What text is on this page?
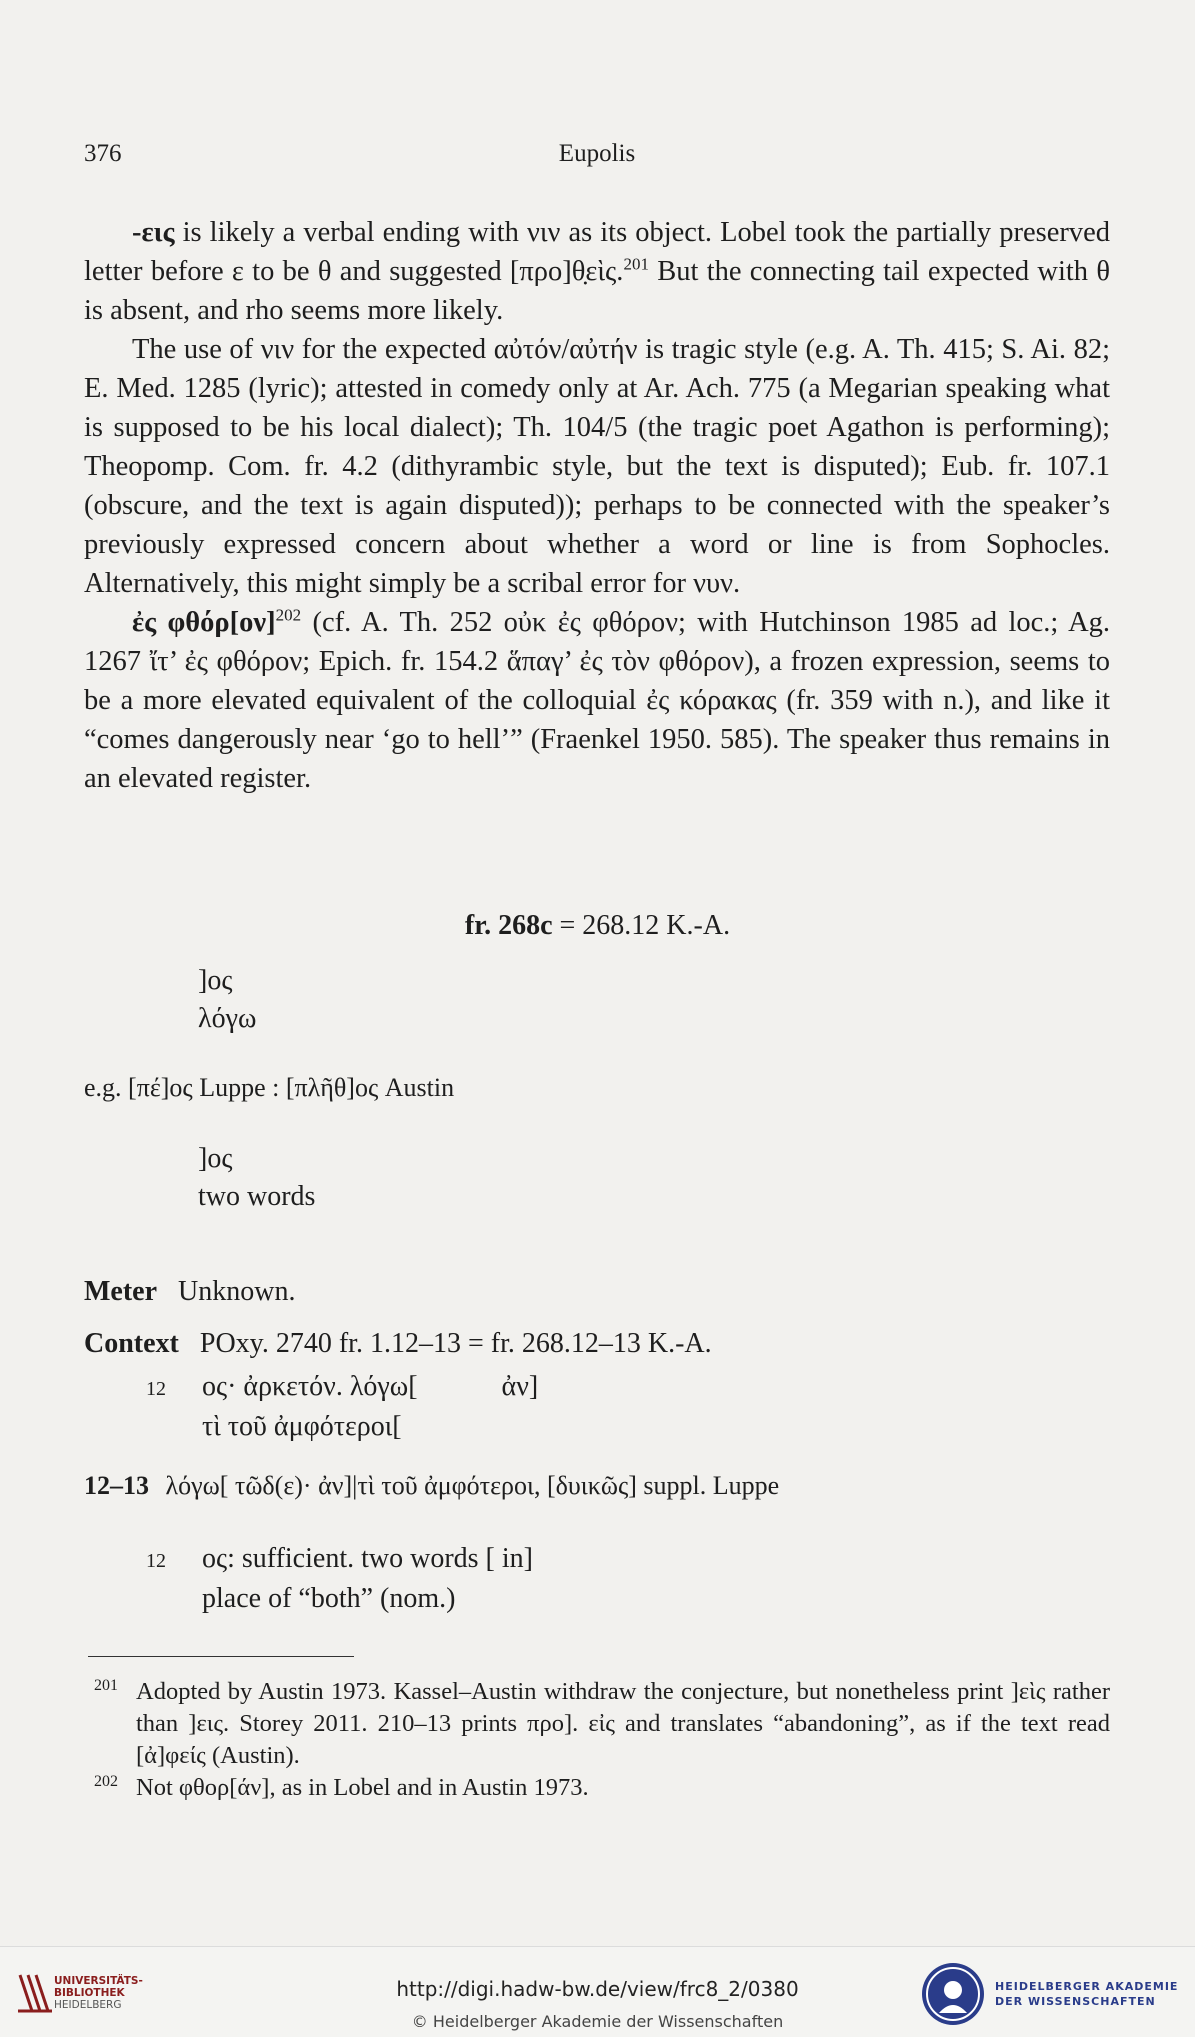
376	Eupolis

-εις is likely a verbal ending with νιν as its object. Lobel took the partially preserved letter before ε to be θ and suggested [προ]θ̣εὶς.$^{201}$ But the connecting tail expected with θ is absent, and rho seems more likely.

The use of νιν for the expected αὐτόν/αὐτήν is tragic style (e.g. A. Th. 415; S. Ai. 82; E. Med. 1285 (lyric); attested in comedy only at Ar. Ach. 775 (a Megarian speaking what is supposed to be his local dialect); Th. 104/5 (the tragic poet Agathon is performing); Theopomp. Com. fr. 4.2 (dithyrambic style, but the text is disputed); Eub. fr. 107.1 (obscure, and the text is again disputed)); perhaps to be connected with the speaker’s previously expressed concern about whether a word or line is from Sophocles. Alternatively, this might simply be a scribal error for νυν.

ἐς $\varphi\theta ό\rho[o\nu]^{202}$ (cf. A. Th. 252 οὐκ ἐς φθόρον; with Hutchinson 1985 ad loc.; Ag. 1267 ἴτ’ ἐς φθόρον; Epich. fr. 154.2 ἅπαγ’ ἐς τὸν φθόρον), a frozen expression, seems to be a more elevated equivalent of the colloquial ἐς κόρακας (fr. 359 with n.), and like it “comes dangerously near ‘go to hell’” (Fraenkel 1950. 585). The speaker thus remains in an elevated register.

fr. 268c = 268.12 K.-A.
]ος
λόγω
e.g. [πέ]ος Luppe : [πλῆθ]ος Austin
]ος
two words
Meter Unknown.
Context POxy. 2740 fr. 1.12–13 = fr. 268.12–13 K.-A.
12 ος· ἀρκετόν. λόγω[            ἀν]
τὶ τοῦ ἀμφότεροι[
12–13 λόγω[ τῶδ(ε)· ἀν]|τὶ τοῦ ἀμφότεροι, [δυικῶς] suppl. Luppe
12 ος: sufficient. two words [ in]
place of “both” (nom.)
201 Adopted by Austin 1973. Kassel–Austin withdraw the conjecture, but nonetheless print ]εὶς rather than ]εις. Storey 2011. 210–13 prints προ]. εἰς and translates “abandoning”, as if the text read [ἀ]φείς (Austin).
202 Not φθορ[άν], as in Lobel and in Austin 1973.
UNIVERSITÄTS-
BIBLIOTHEK
HEIDELBERG
http://digi.hadw-bw.de/view/frc8_2/0380
© Heidelberger Akademie der Wissenschaften
HEIDELBERGER AKADEMIE
DER WISSENSCHAFTEN
